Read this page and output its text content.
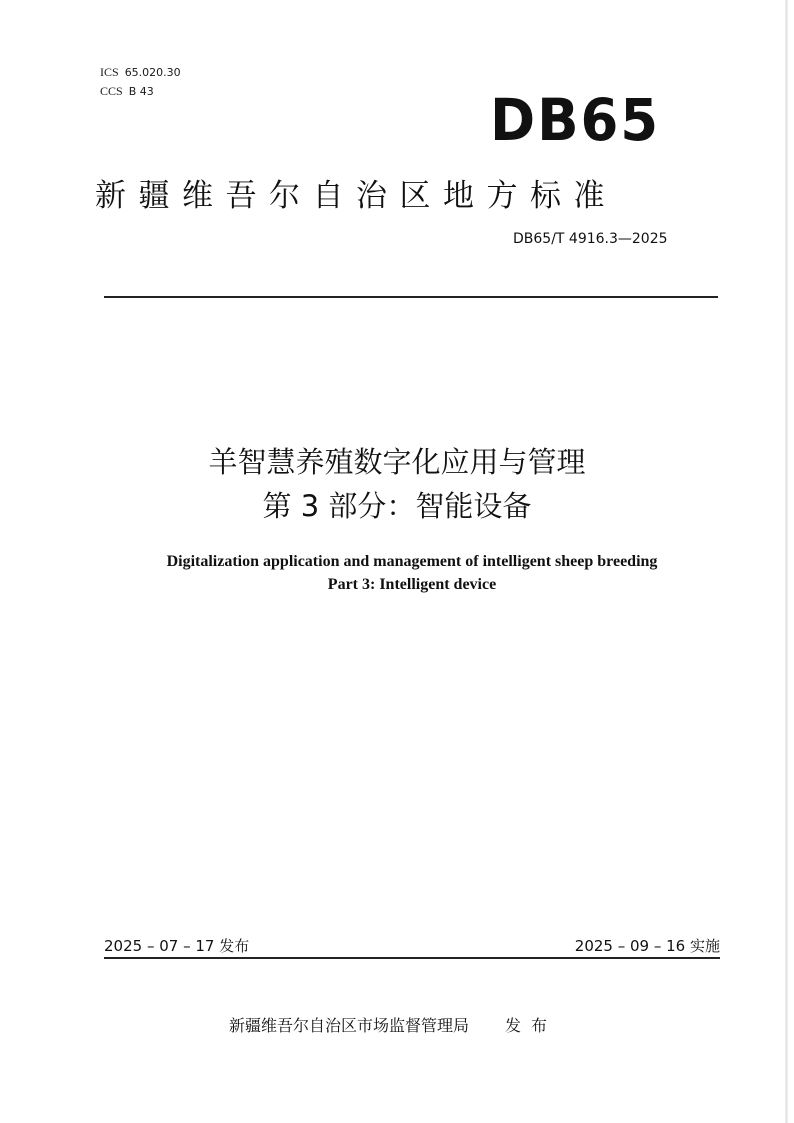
ICS 65.020.30
CCS B 43	DB65
新疆维吾尔自治区地方标准
DB65/T 4916.3—2025
羊智慧养殖数字化应用与管理
第 3 部分：智能设备
Digitalization application and management of intelligent sheep breeding
Part 3: Intelligent device
2025 – 07 – 17 发布	2025 – 09 – 16 实施
新疆维吾尔自治区市场监督管理局 发布
